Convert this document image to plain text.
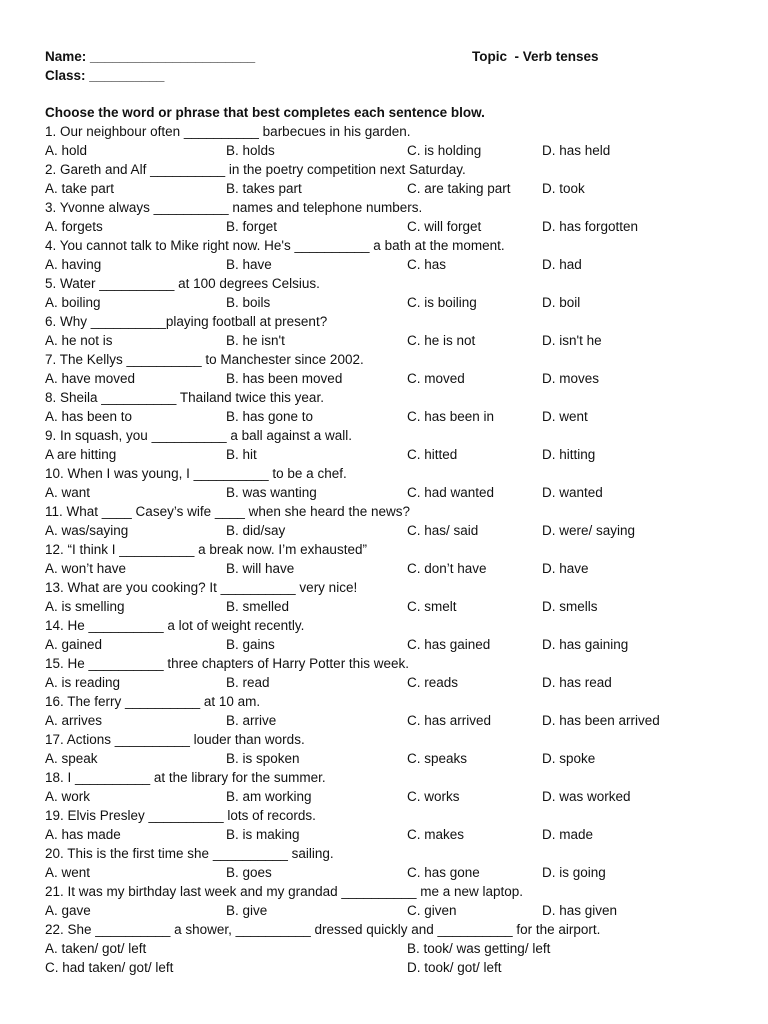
Name: ______________________
Class: __________
Topic  - Verb tenses
Choose the word or phrase that best completes each sentence blow.
1. Our neighbour often __________ barbecues in his garden.
A. hold	B. holds	C. is holding	D. has held
2. Gareth and Alf __________ in the poetry competition next Saturday.
A. take part	B. takes part	C. are taking part D. took
3. Yvonne always __________ names and telephone numbers.
A. forgets	B. forget	C. will forget	D. has forgotten
4. You cannot talk to Mike right now. He's __________ a bath at the moment.
A. having	B. have	C. has	D. had
5. Water __________ at 100 degrees Celsius.
A. boiling	B. boils	C. is boiling	D. boil
6. Why __________playing football at present?
A. he not is	B. he isn't	C. he is not	D. isn't he
7. The Kellys __________ to Manchester since 2002.
A. have moved	B. has been moved	C. moved	D. moves
8. Sheila __________ Thailand twice this year.
A. has been to	B. has gone to	C. has been in	D. went
9. In squash, you __________ a ball against a wall.
A are hitting	B. hit	C. hitted	D. hitting
10. When I was young, I __________ to be a chef.
A. want	B. was wanting	C. had wanted	D. wanted
11. What ____ Casey’s wife ____ when she heard the news?
A. was/saying	B. did/say	C. has/ said	D. were/ saying
12. “I think I __________ a break now. I’m exhausted”
A. won’t have	B. will have	C. don’t have	D. have
13. What are you cooking? It __________ very nice!
A. is smelling	B. smelled	C. smelt	D. smells
14. He __________ a lot of weight recently.
A. gained	B. gains	C. has gained	D. has gaining
15. He __________ three chapters of Harry Potter this week.
A. is reading	B. read	C. reads	D. has read
16. The ferry __________ at 10 am.
A. arrives	B. arrive	C. has arrived	D. has been arrived
17. Actions __________ louder than words.
A. speak	B. is spoken	C. speaks	D. spoke
18. I __________ at the library for the summer.
A. work	B. am working	C. works	D. was worked
19. Elvis Presley __________ lots of records.
A. has made	B. is making	C. makes	D. made
20. This is the first time she __________ sailing.
A. went	B. goes	C. has gone	D. is going
21. It was my birthday last week and my grandad __________ me a new laptop.
A. gave	B. give	C. given	D. has given
22. She __________ a shower, __________ dressed quickly and __________ for the airport.
A. taken/ got/ left	B. took/ was getting/ left
C. had taken/ got/ left	D. took/ got/ left
